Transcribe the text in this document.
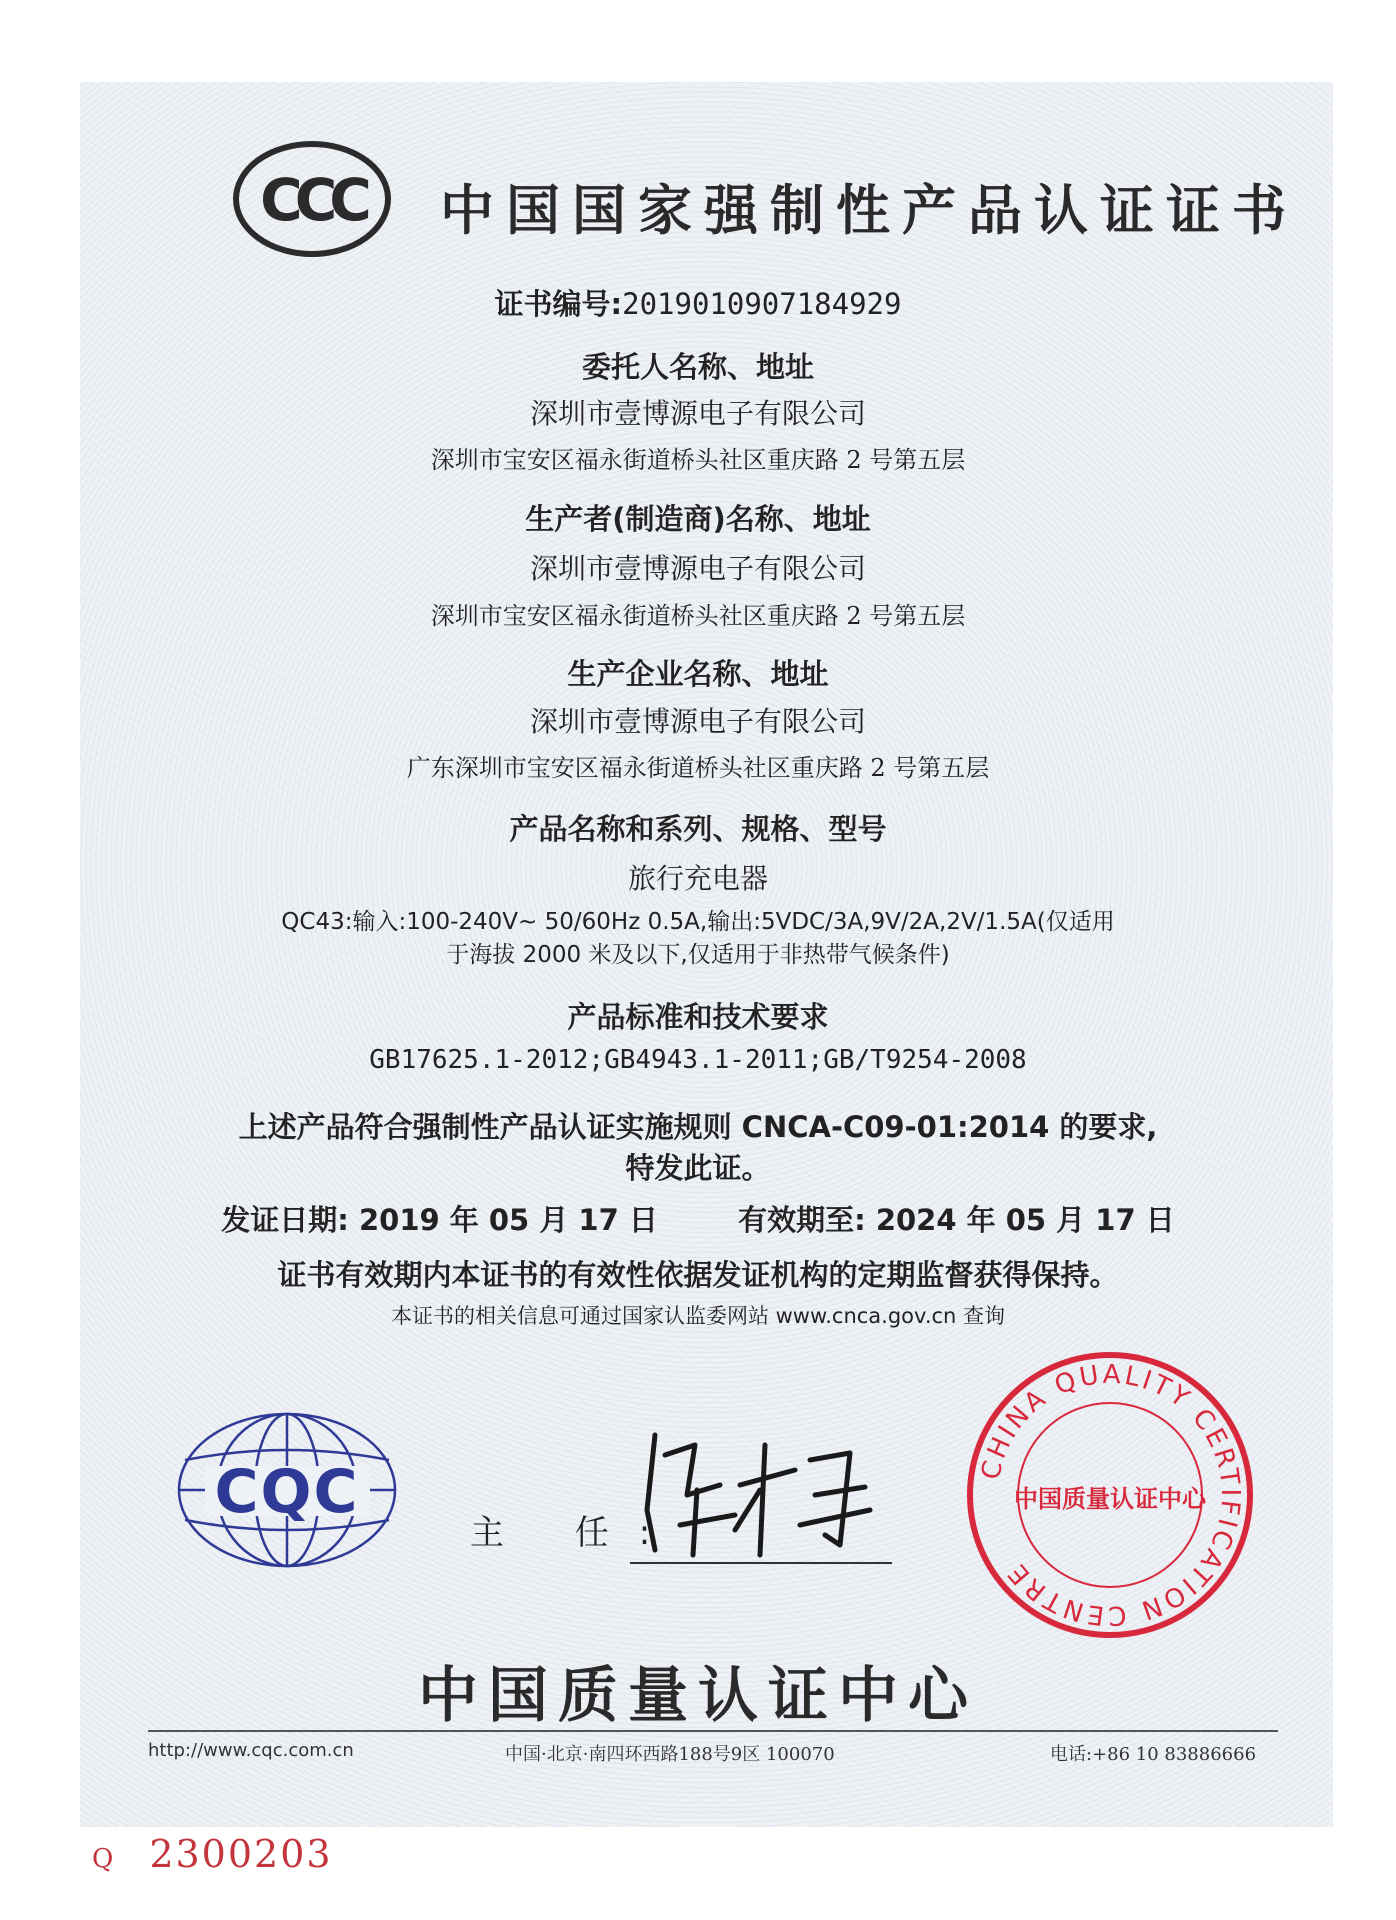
CCC 中国国家强制性产品认证证书
证书编号:2019010907184929
委托人名称、地址
深圳市壹博源电子有限公司
深圳市宝安区福永街道桥头社区重庆路 2 号第五层
生产者(制造商)名称、地址
深圳市壹博源电子有限公司
深圳市宝安区福永街道桥头社区重庆路 2 号第五层
生产企业名称、地址
深圳市壹博源电子有限公司
广东深圳市宝安区福永街道桥头社区重庆路 2 号第五层
产品名称和系列、规格、型号
旅行充电器
QC43:输入:100-240V~ 50/60Hz 0.5A,输出:5VDC/3A,9V/2A,2V/1.5A(仅适用
于海拔 2000 米及以下,仅适用于非热带气候条件)
产品标准和技术要求
GB17625.1-2012;GB4943.1-2011;GB/T9254-2008
上述产品符合强制性产品认证实施规则 CNCA-C09-01:2014 的要求,
特发此证。
发证日期: 2019 年 05 月 17 日	有效期至: 2024 年 05 月 17 日
证书有效期内本证书的有效性依据发证机构的定期监督获得保持。
本证书的相关信息可通过国家认监委网站 www.cnca.gov.cn 查询
CQC
主 任:
CHINA QUALITY CERTIFICATION CENTRE
中国质量认证中心
中国质量认证中心
http://www.cqc.com.cn	中国·北京·南四环西路188号9区 100070	电话:+86 10 83886666
Q 2300203
